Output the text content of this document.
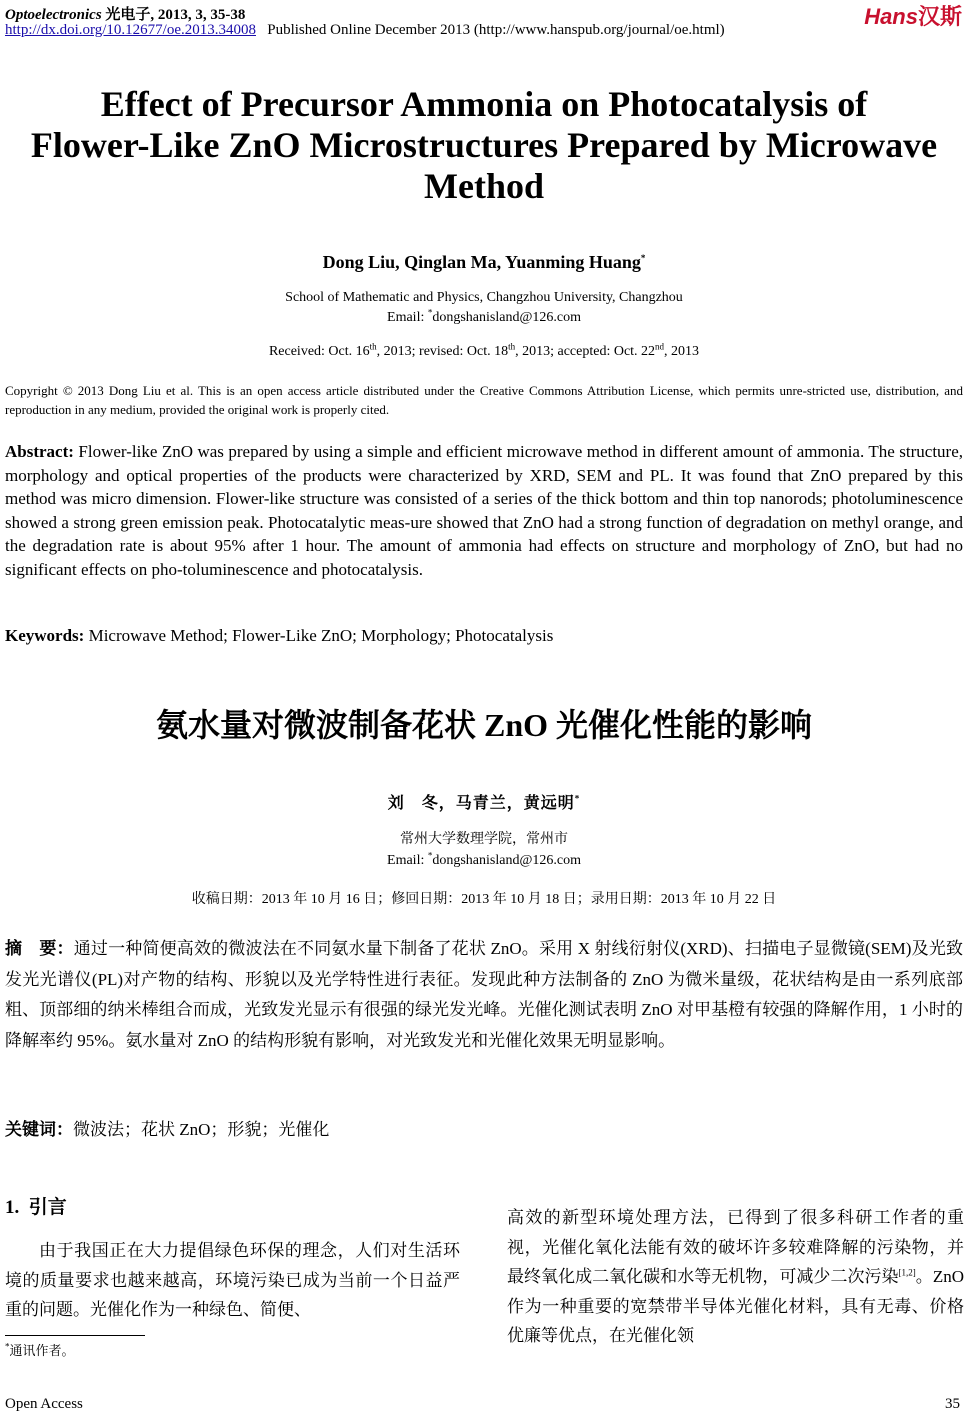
Optoelectronics 光电子, 2013, 3, 35-38
http://dx.doi.org/10.12677/oe.2013.34008 Published Online December 2013 (http://www.hanspub.org/journal/oe.html)
Hans汉斯
Effect of Precursor Ammonia on Photocatalysis of
Flower-Like ZnO Microstructures Prepared by Microwave
Method
Dong Liu, Qinglan Ma, Yuanming Huang*
School of Mathematic and Physics, Changzhou University, Changzhou
Email: *dongshanisland@126.com
Received: Oct. 16th, 2013; revised: Oct. 18th, 2013; accepted: Oct. 22nd, 2013
Copyright © 2013 Dong Liu et al. This is an open access article distributed under the Creative Commons Attribution License, which permits unre-stricted use, distribution, and reproduction in any medium, provided the original work is properly cited.
Abstract: Flower-like ZnO was prepared by using a simple and efficient microwave method in different amount of ammonia. The structure, morphology and optical properties of the products were characterized by XRD, SEM and PL. It was found that ZnO prepared by this method was micro dimension. Flower-like structure was consisted of a series of the thick bottom and thin top nanorods; photoluminescence showed a strong green emission peak. Photocatalytic meas-ure showed that ZnO had a strong function of degradation on methyl orange, and the degradation rate is about 95% after 1 hour. The amount of ammonia had effects on structure and morphology of ZnO, but had no significant effects on pho-toluminescence and photocatalysis.
Keywords: Microwave Method; Flower-Like ZnO; Morphology; Photocatalysis
氨水量对微波制备花状 ZnO 光催化性能的影响
刘　冬，马青兰，黄远明*
常州大学数理学院，常州市
Email: *dongshanisland@126.com
收稿日期：2013 年 10 月 16 日；修回日期：2013 年 10 月 18 日；录用日期：2013 年 10 月 22 日
摘　要：通过一种简便高效的微波法在不同氨水量下制备了花状 ZnO。采用 X 射线衍射仪(XRD)、扫描电子显微镜(SEM)及光致发光光谱仪(PL)对产物的结构、形貌以及光学特性进行表征。发现此种方法制备的 ZnO 为微米量级，花状结构是由一系列底部粗、顶部细的纳米棒组合而成，光致发光显示有很强的绿光发光峰。光催化测试表明 ZnO 对甲基橙有较强的降解作用，1 小时的降解率约 95%。氨水量对 ZnO 的结构形貌有影响，对光致发光和光催化效果无明显影响。
关键词：微波法；花状 ZnO；形貌；光催化
1. 引言
由于我国正在大力提倡绿色环保的理念，人们对生活环境的质量要求也越来越高，环境污染已成为当前一个日益严重的问题。光催化作为一种绿色、简便、
高效的新型环境处理方法，已得到了很多科研工作者的重视，光催化氧化法能有效的破坏许多较难降解的污染物，并最终氧化成二氧化碳和水等无机物，可减少二次污染[1,2]。ZnO 作为一种重要的宽禁带半导体光催化材料，具有无毒、价格优廉等优点，在光催化领
*通讯作者。
Open Access	35
